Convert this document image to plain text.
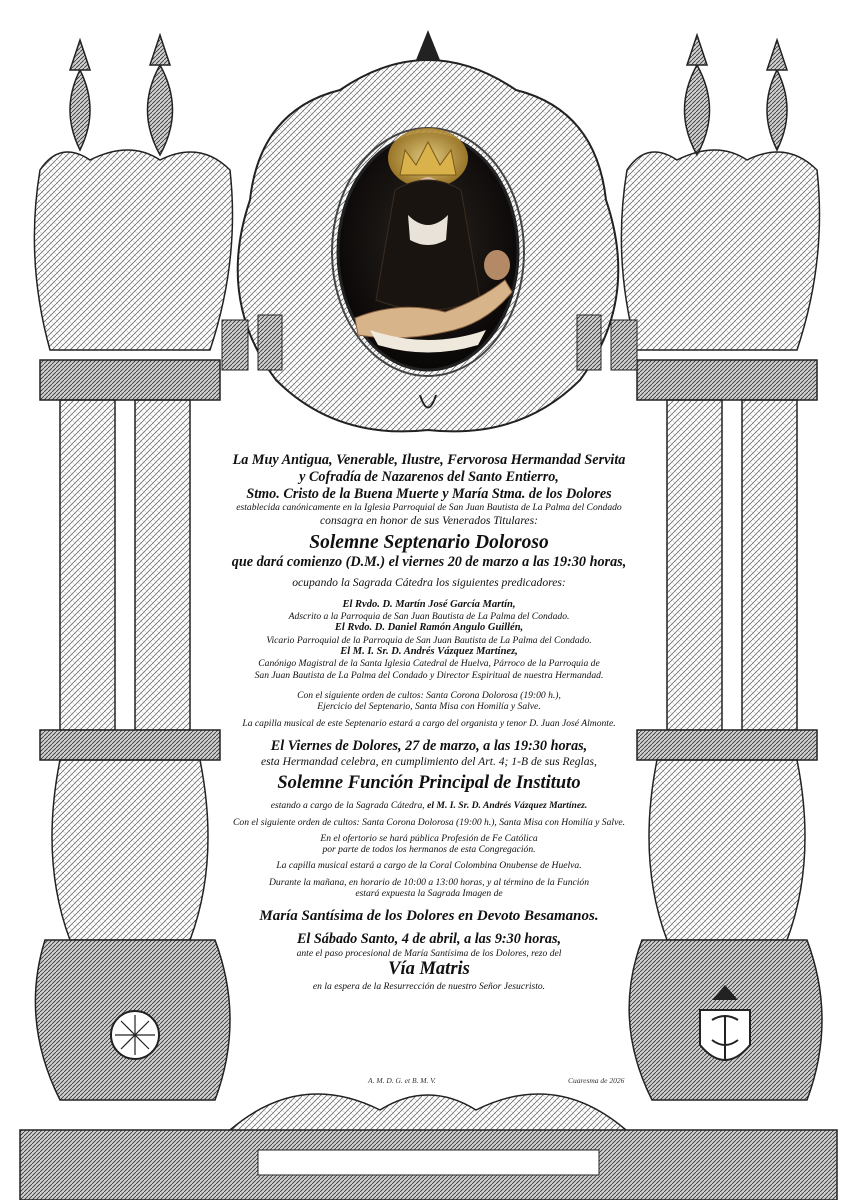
La Muy Antigua, Venerable, Ilustre, Fervorosa Hermandad Servita
y Cofradía de Nazarenos del Santo Entierro,
Stmo. Cristo de la Buena Muerte y María Stma. de los Dolores
establecida canónicamente en la Iglesia Parroquial de San Juan Bautista de La Palma del Condado
consagra en honor de sus Venerados Titulares:
Solemne Septenario Doloroso
que dará comienzo (D.M.) el viernes 20 de marzo a las 19:30 horas,
ocupando la Sagrada Cátedra los siguientes predicadores:
El Rvdo. D. Martín José García Martín,
Adscrito a la Parroquia de San Juan Bautista de La Palma del Condado.
El Rvdo. D. Daniel Ramón Angulo Guillén,
Vicario Parroquial de la Parroquia de San Juan Bautista de La Palma del Condado.
El M. I. Sr. D. Andrés Vázquez Martínez,
Canónigo Magistral de la Santa Iglesia Catedral de Huelva, Párroco de la Parroquia de
San Juan Bautista de La Palma del Condado y Director Espiritual de nuestra Hermandad.
Con el siguiente orden de cultos: Santa Corona Dolorosa (19:00 h.),
Ejercicio del Septenario, Santa Misa con Homilía y Salve.
La capilla musical de este Septenario estará a cargo del organista y tenor D. Juan José Almonte.
El Viernes de Dolores, 27 de marzo, a las 19:30 horas,
esta Hermandad celebra, en cumplimiento del Art. 4; 1-B de sus Reglas,
Solemne Función Principal de Instituto
estando a cargo de la Sagrada Cátedra, el M. I. Sr. D. Andrés Vázquez Martínez.
Con el siguiente orden de cultos: Santa Corona Dolorosa (19:00 h.), Santa Misa con Homilía y Salve.
En el ofertorio se hará pública Profesión de Fe Católica
por parte de todos los hermanos de esta Congregación.
La capilla musical estará a cargo de la Coral Colombina Onubense de Huelva.
Durante la mañana, en horario de 10:00 a 13:00 horas, y al término de la Función
estará expuesta la Sagrada Imagen de
María Santísima de los Dolores en Devoto Besamanos.
El Sábado Santo, 4 de abril, a las 9:30 horas,
ante el paso procesional de María Santísima de los Dolores, rezo del
Vía Matris
en la espera de la Resurrección de nuestro Señor Jesucristo.
A. M. D. G. et B. M. V.	Cuaresma de 2026
